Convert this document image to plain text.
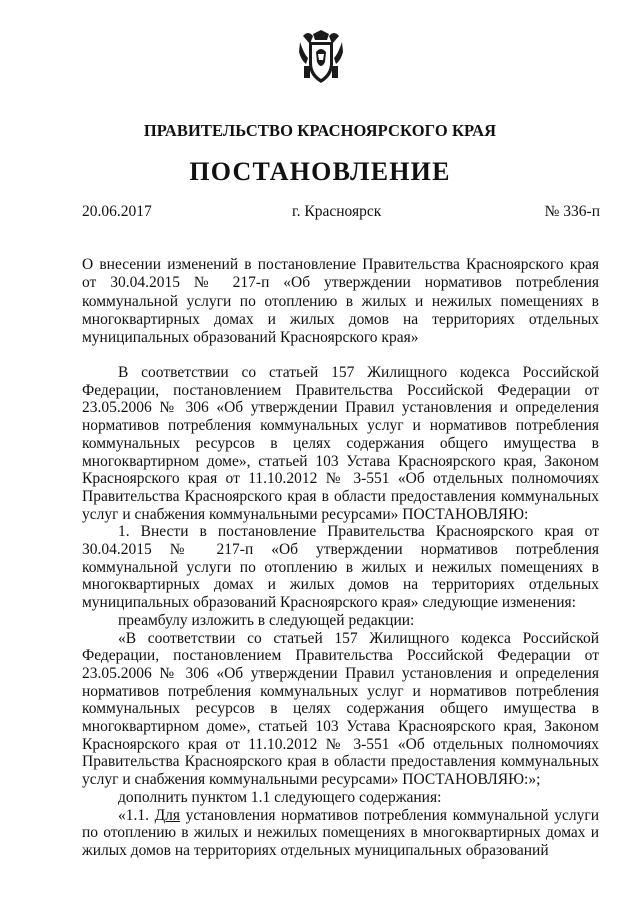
ПРАВИТЕЛЬСТВО КРАСНОЯРСКОГО КРАЯ
ПОСТАНОВЛЕНИЕ
20.06.2017	г. Красноярск	№ 336-п
О внесении изменений в постановление Правительства Красноярского края от 30.04.2015 № 217-п «Об утверждении нормативов потребления коммунальной услуги по отоплению в жилых и нежилых помещениях в многоквартирных домах и жилых домов на территориях отдельных муниципальных образований Красноярского края»

В соответствии со статьей 157 Жилищного кодекса Российской Федерации, постановлением Правительства Российской Федерации от 23.05.2006 № 306 «Об утверждении Правил установления и определения нормативов потребления коммунальных услуг и нормативов потребления коммунальных ресурсов в целях содержания общего имущества в многоквартирном доме», статьей 103 Устава Красноярского края, Законом Красноярского края от 11.10.2012 № 3-551 «Об отдельных полномочиях Правительства Красноярского края в области предоставления коммунальных услуг и снабжения коммунальными ресурсами» ПОСТАНОВЛЯЮ:

1. Внести в постановление Правительства Красноярского края от 30.04.2015 № 217-п «Об утверждении нормативов потребления коммунальной услуги по отоплению в жилых и нежилых помещениях в многоквартирных домах и жилых домов на территориях отдельных муниципальных образований Красноярского края» следующие изменения:

преамбулу изложить в следующей редакции:

«В соответствии со статьей 157 Жилищного кодекса Российской Федерации, постановлением Правительства Российской Федерации от 23.05.2006 № 306 «Об утверждении Правил установления и определения нормативов потребления коммунальных услуг и нормативов потребления коммунальных ресурсов в целях содержания общего имущества в многоквартирном доме», статьей 103 Устава Красноярского края, Законом Красноярского края от 11.10.2012 № 3-551 «Об отдельных полномочиях Правительства Красноярского края в области предоставления коммунальных услуг и снабжения коммунальными ресурсами» ПОСТАНОВЛЯЮ:»;

дополнить пунктом 1.1 следующего содержания:

«1.1. Для установления нормативов потребления коммунальной услуги по отоплению в жилых и нежилых помещениях в многоквартирных домах и жилых домов на территориях отдельных муниципальных образований
